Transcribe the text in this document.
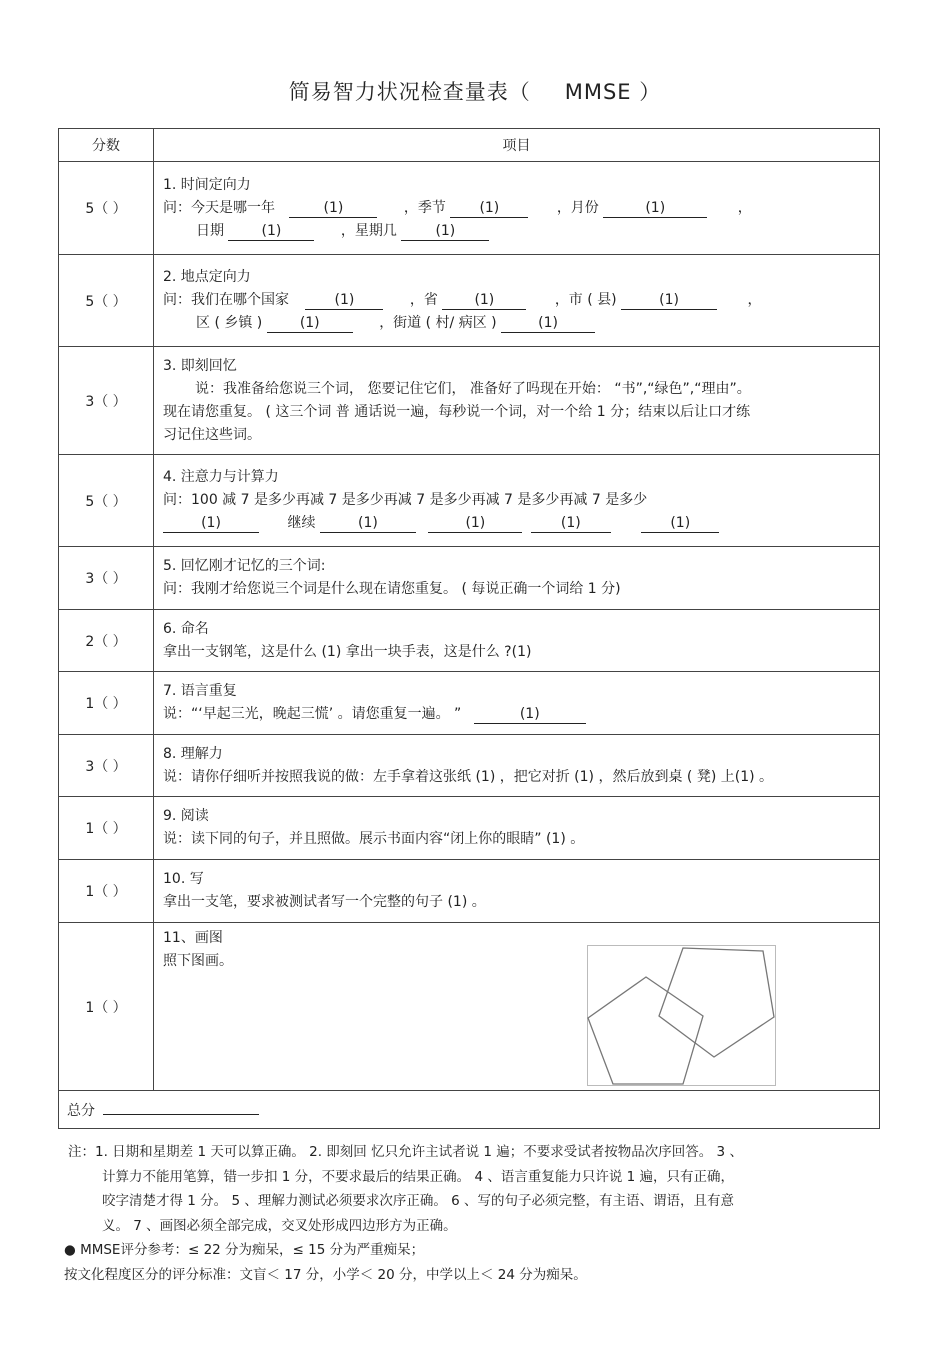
简易智力状况检查量表（ MMSE ）
分数	项目
5（ ）	1. 时间定向力
问：今天是哪一年 (1) ，季节 (1) ，月份 (1) ，
日期 (1) ，星期几 (1)

5（ ）	2. 地点定向力
问：我们在哪个国家 (1) ，省 (1) ，市 ( 县) (1) ，
区 ( 乡镇 ) (1) ，街道 ( 村/ 病区 ) (1)

3（ ）	3. 即刻回忆
说：我准备给您说三个词， 您要记住它们， 准备好了吗现在开始： “书”,“绿色”,“理由”。
现在请您重复。 ( 这三个词 普 通话说一遍，每秒说一个词，对一个给 1 分；结束以后让口才练
习记住这些词。

5（ ）	4. 注意力与计算力
问：100 减 7 是多少再减 7 是多少再减 7 是多少再减 7 是多少再减 7 是多少
(1) 继续 (1) (1) (1) (1)

3（ ）	5. 回忆刚才记忆的三个词:
问：我刚才给您说三个词是什么现在请您重复。 ( 每说正确一个词给 1 分)

2（ ）	6. 命名
拿出一支钢笔，这是什么 (1) 拿出一块手表，这是什么 ?(1)

1（ ）	7. 语言重复
说：“‘早起三光，晚起三慌’ 。请您重复一遍。 ” (1)

3（ ）	8. 理解力
说：请你仔细听并按照我说的做：左手拿着这张纸 (1) ，把它对折 (1) ，然后放到桌 ( 凳) 上(1) 。

1（ ）	9. 阅读
说：读下同的句子，并且照做。展示书面内容“闭上你的眼睛” (1) 。

1（ ）	10. 写
拿出一支笔，要求被测试者写一个完整的句子 (1) 。

1（ ）	11、画图
照下图画。

总分	
注：1. 日期和星期差 1 天可以算正确。 2. 即刻回 忆只允许主试者说 1 遍；不要求受试者按物品次序回答。 3 、
计算力不能用笔算，错一步扣 1 分，不要求最后的结果正确。 4 、语言重复能力只许说 1 遍，只有正确，
咬字清楚才得 1 分。 5 、理解力测试必须要求次序正确。 6 、写的句子必须完整，有主语、谓语，且有意
义。 7 、画图必须全部完成，交叉处形成四边形方为正确。
● MMSE评分参考：≤ 22 分为痴呆，≤ 15 分为严重痴呆；
按文化程度区分的评分标准：文盲＜ 17 分，小学＜ 20 分，中学以上＜ 24 分为痴呆。
